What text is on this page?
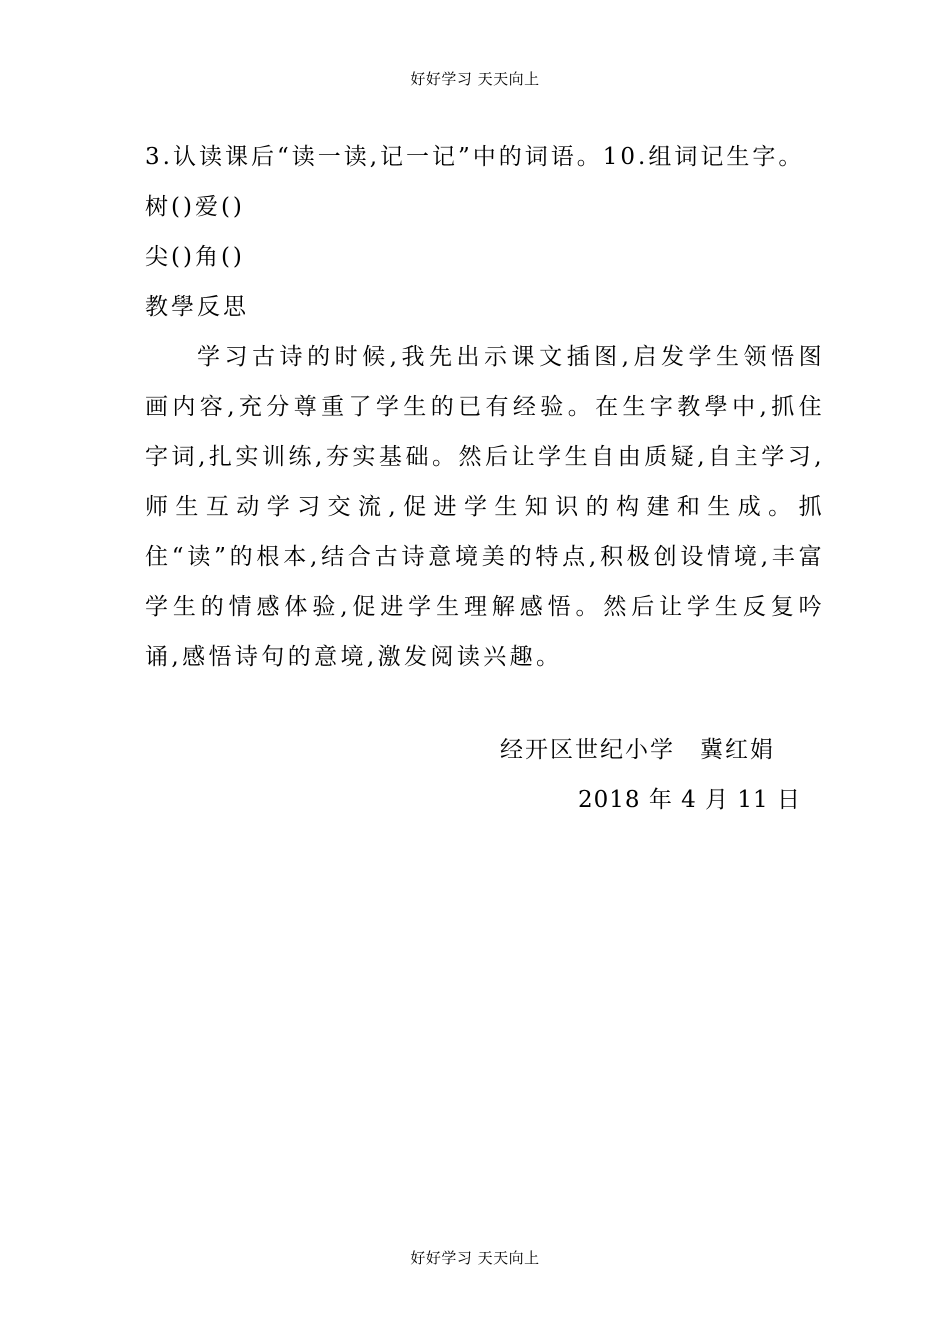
好好学习 天天向上
3.认读课后“读一读,记一记”中的词语。10.组词记生字。
树()爱()
尖()角()
教學反思

学习古诗的时候,我先出示课文插图,启发学生领悟图画内容,充分尊重了学生的已有经验。在生字教學中,抓住字词,扎实训练,夯实基础。然后让学生自由质疑,自主学习,师生互动学习交流,促进学生知识的构建和生成。抓住“读”的根本,结合古诗意境美的特点,积极创设情境,丰富学生的情感体验,促进学生理解感悟。然后让学生反复吟诵,感悟诗句的意境,激发阅读兴趣。

经开区世纪小学　冀红娟
2018 年 4 月 11 日
好好学习 天天向上
